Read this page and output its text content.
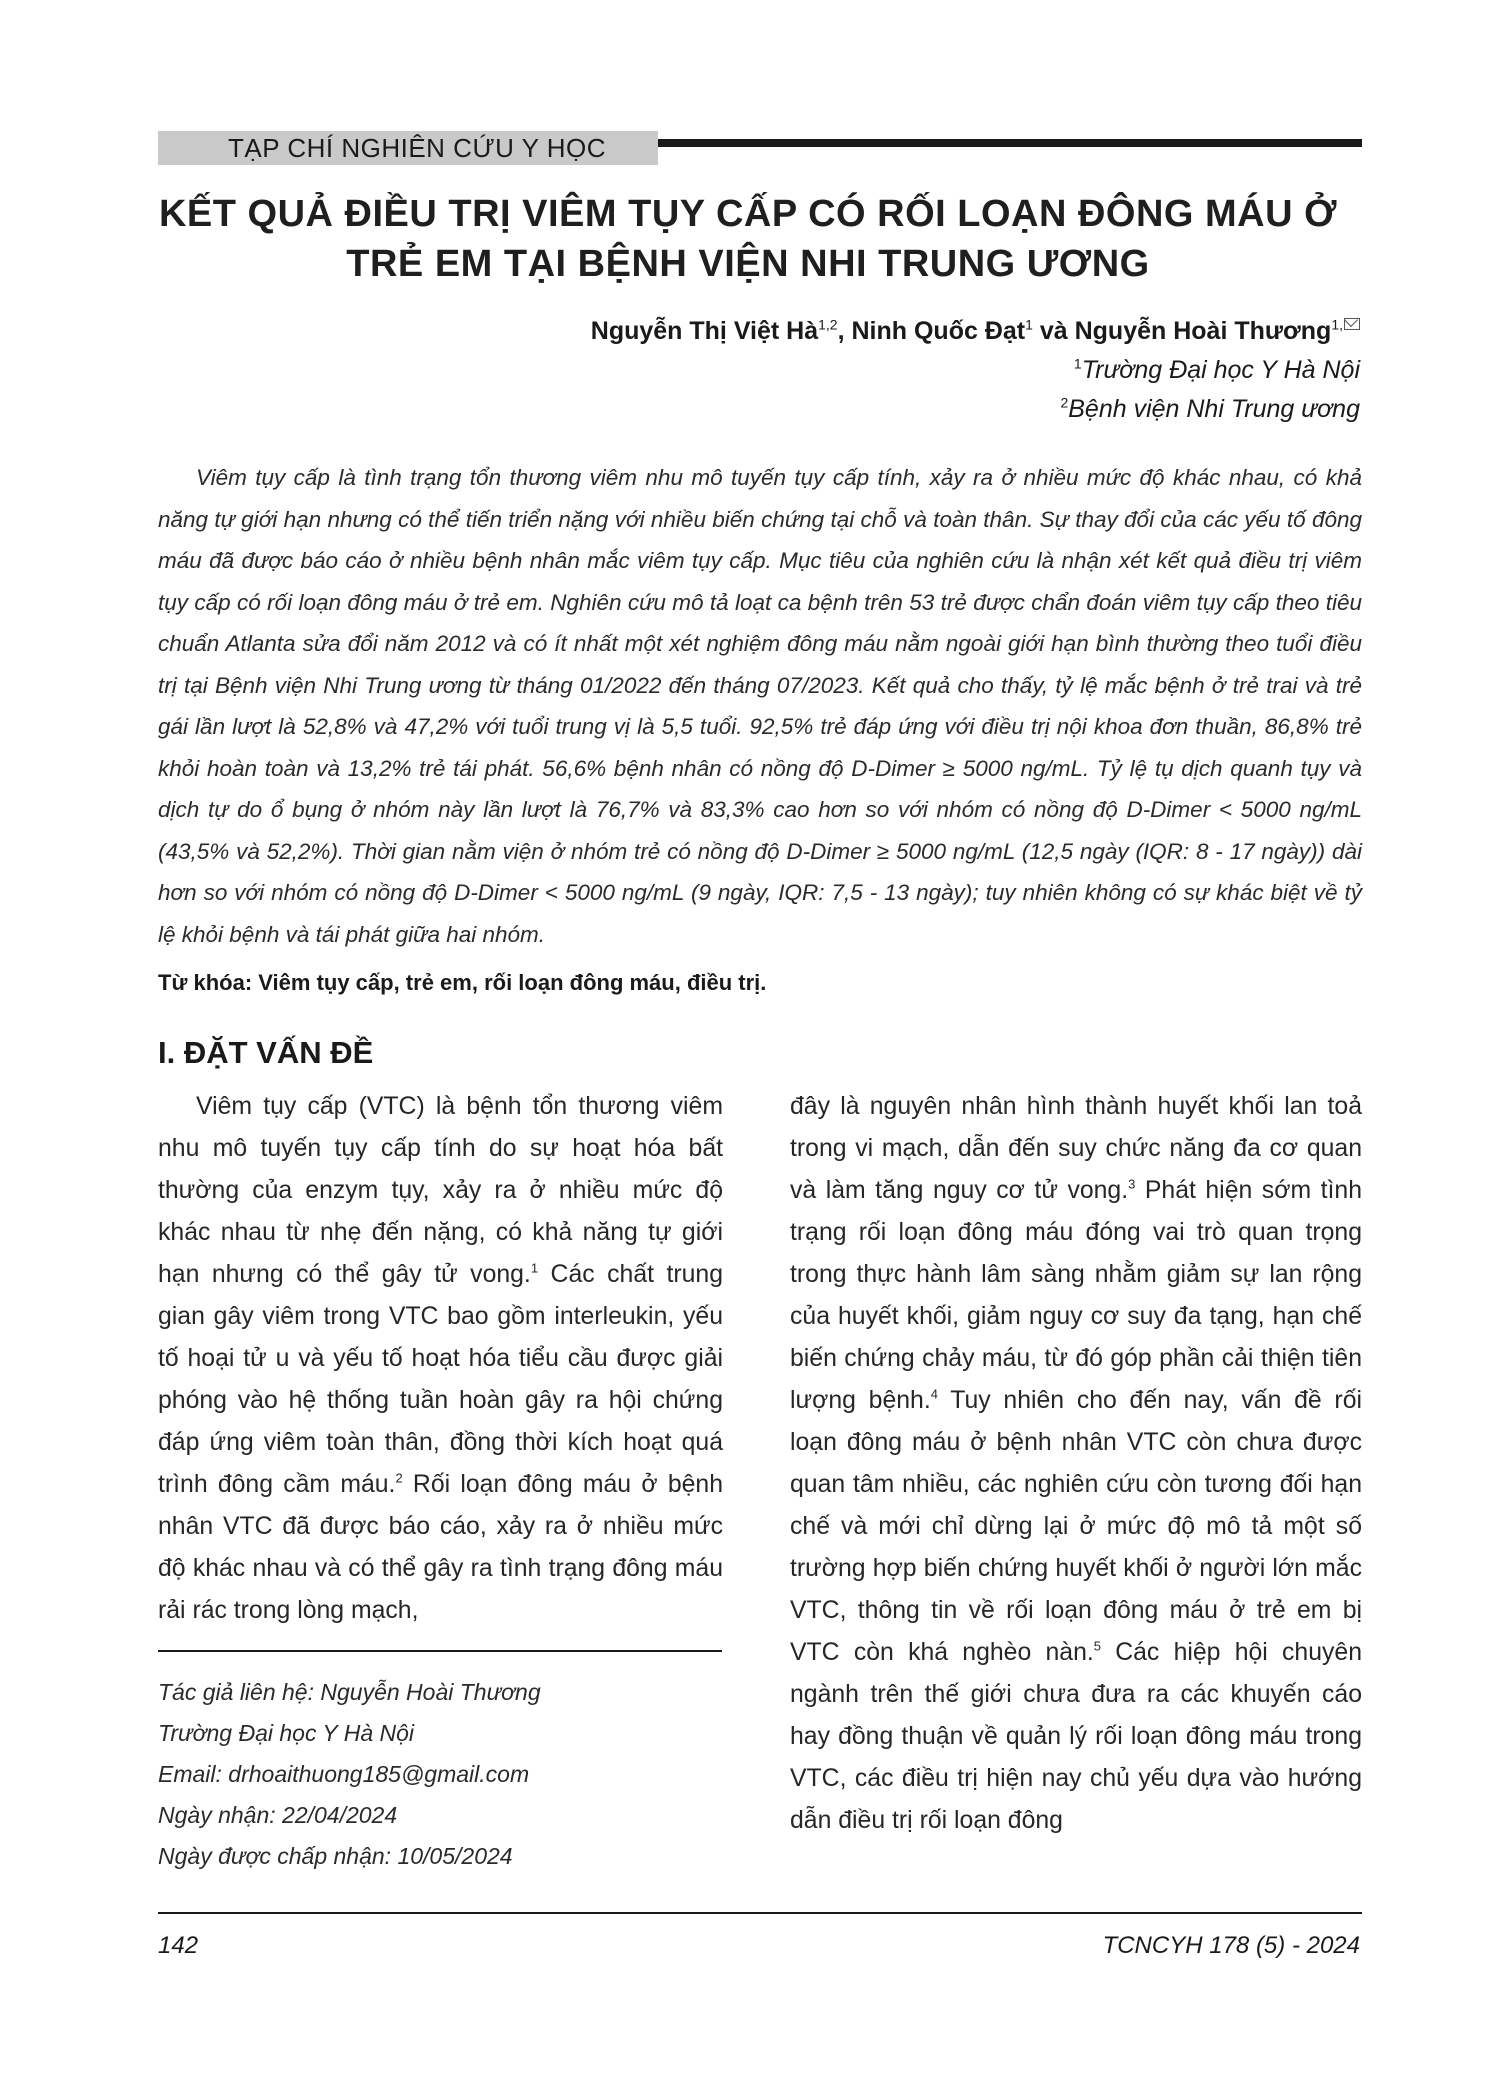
TẠP CHÍ NGHIÊN CỨU Y HỌC
KẾT QUẢ ĐIỀU TRỊ VIÊM TỤY CẤP CÓ RỐI LOẠN ĐÔNG MÁU Ở
TRẺ EM TẠI BỆNH VIỆN NHI TRUNG ƯƠNG
Nguyễn Thị Việt Hà$^{1,2}$, Ninh Quốc Đạt$^1$ và Nguyễn Hoài Thương$^{1,}$
$^1$Trường Đại học Y Hà Nội
$^2$Bệnh viện Nhi Trung ương
Viêm tụy cấp là tình trạng tổn thương viêm nhu mô tuyến tụy cấp tính, xảy ra ở nhiều mức độ khác nhau, có khả năng tự giới hạn nhưng có thể tiến triển nặng với nhiều biến chứng tại chỗ và toàn thân. Sự thay đổi của các yếu tố đông máu đã được báo cáo ở nhiều bệnh nhân mắc viêm tụy cấp. Mục tiêu của nghiên cứu là nhận xét kết quả điều trị viêm tụy cấp có rối loạn đông máu ở trẻ em. Nghiên cứu mô tả loạt ca bệnh trên 53 trẻ được chẩn đoán viêm tụy cấp theo tiêu chuẩn Atlanta sửa đổi năm 2012 và có ít nhất một xét nghiệm đông máu nằm ngoài giới hạn bình thường theo tuổi điều trị tại Bệnh viện Nhi Trung ương từ tháng 01/2022 đến tháng 07/2023. Kết quả cho thấy, tỷ lệ mắc bệnh ở trẻ trai và trẻ gái lần lượt là 52,8% và 47,2% với tuổi trung vị là 5,5 tuổi. 92,5% trẻ đáp ứng với điều trị nội khoa đơn thuần, 86,8% trẻ khỏi hoàn toàn và 13,2% trẻ tái phát. 56,6% bệnh nhân có nồng độ D-Dimer ≥ 5000 ng/mL. Tỷ lệ tụ dịch quanh tụy và dịch tự do ổ bụng ở nhóm này lần lượt là 76,7% và 83,3% cao hơn so với nhóm có nồng độ D-Dimer < 5000 ng/mL (43,5% và 52,2%). Thời gian nằm viện ở nhóm trẻ có nồng độ D-Dimer ≥ 5000 ng/mL (12,5 ngày (IQR: 8 - 17 ngày)) dài hơn so với nhóm có nồng độ D-Dimer < 5000 ng/mL (9 ngày, IQR: 7,5 - 13 ngày); tuy nhiên không có sự khác biệt về tỷ lệ khỏi bệnh và tái phát giữa hai nhóm.
Từ khóa: Viêm tụy cấp, trẻ em, rối loạn đông máu, điều trị.
I. ĐẶT VẤN ĐỀ

Viêm tụy cấp (VTC) là bệnh tổn thương viêm nhu mô tuyến tụy cấp tính do sự hoạt hóa bất thường của enzym tụy, xảy ra ở nhiều mức độ khác nhau từ nhẹ đến nặng, có khả năng tự giới hạn nhưng có thể gây tử vong.$^1$ Các chất trung gian gây viêm trong VTC bao gồm interleukin, yếu tố hoại tử u và yếu tố hoạt hóa tiểu cầu được giải phóng vào hệ thống tuần hoàn gây ra hội chứng đáp ứng viêm toàn thân, đồng thời kích hoạt quá trình đông cầm máu.$^2$ Rối loạn đông máu ở bệnh nhân VTC đã được báo cáo, xảy ra ở nhiều mức độ khác nhau và có thể gây ra tình trạng đông máu rải rác trong lòng mạch,

Tác giả liên hệ: Nguyễn Hoài Thương
Trường Đại học Y Hà Nội
Email: drhoaithuong185@gmail.com
Ngày nhận: 22/04/2024
Ngày được chấp nhận: 10/05/2024

đây là nguyên nhân hình thành huyết khối lan toả trong vi mạch, dẫn đến suy chức năng đa cơ quan và làm tăng nguy cơ tử vong.$^3$ Phát hiện sớm tình trạng rối loạn đông máu đóng vai trò quan trọng trong thực hành lâm sàng nhằm giảm sự lan rộng của huyết khối, giảm nguy cơ suy đa tạng, hạn chế biến chứng chảy máu, từ đó góp phần cải thiện tiên lượng bệnh.$^4$ Tuy nhiên cho đến nay, vấn đề rối loạn đông máu ở bệnh nhân VTC còn chưa được quan tâm nhiều, các nghiên cứu còn tương đối hạn chế và mới chỉ dừng lại ở mức độ mô tả một số trường hợp biến chứng huyết khối ở người lớn mắc VTC, thông tin về rối loạn đông máu ở trẻ em bị VTC còn khá nghèo nàn.$^5$ Các hiệp hội chuyên ngành trên thế giới chưa đưa ra các khuyến cáo hay đồng thuận về quản lý rối loạn đông máu trong VTC, các điều trị hiện nay chủ yếu dựa vào hướng dẫn điều trị rối loạn đông

142	TCNCYH 178 (5) - 2024
